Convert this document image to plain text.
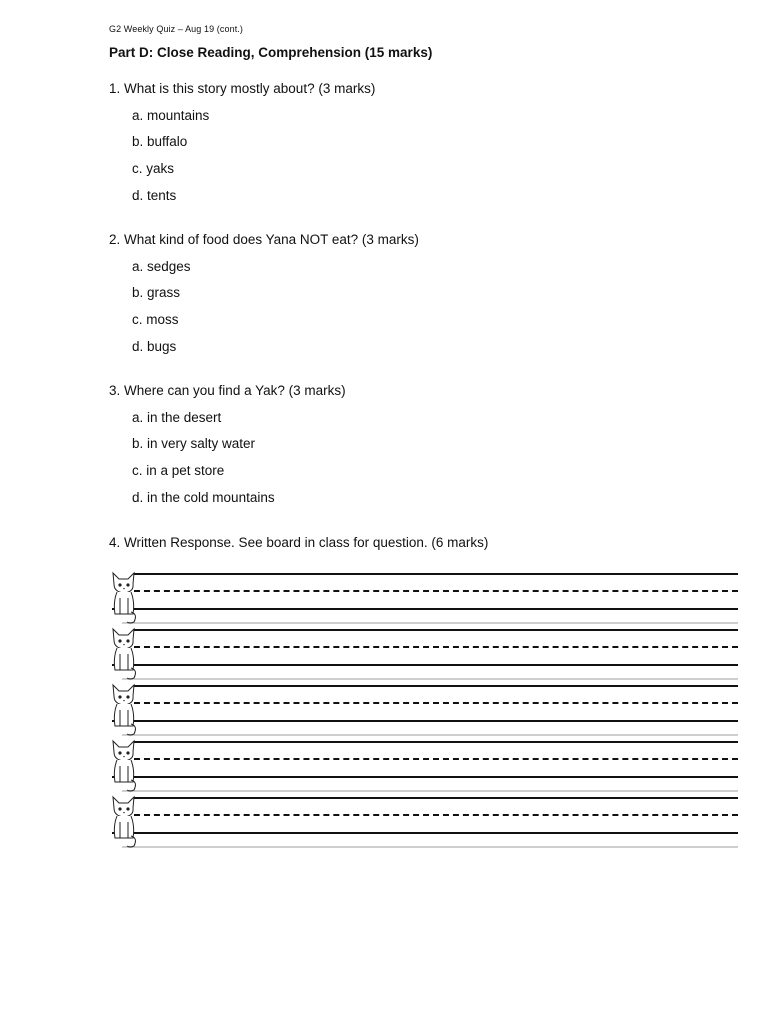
G2 Weekly Quiz – Aug 19 (cont.)
Part D: Close Reading, Comprehension (15 marks)
1. What is this story mostly about? (3 marks)
a. mountains
b. buffalo
c. yaks
d. tents
2. What kind of food does Yana NOT eat? (3 marks)
a. sedges
b. grass
c. moss
d. bugs
3. Where can you find a Yak? (3 marks)
a. in the desert
b. in very salty water
c. in a pet store
d. in the cold mountains
4. Written Response. See board in class for question. (6 marks)
